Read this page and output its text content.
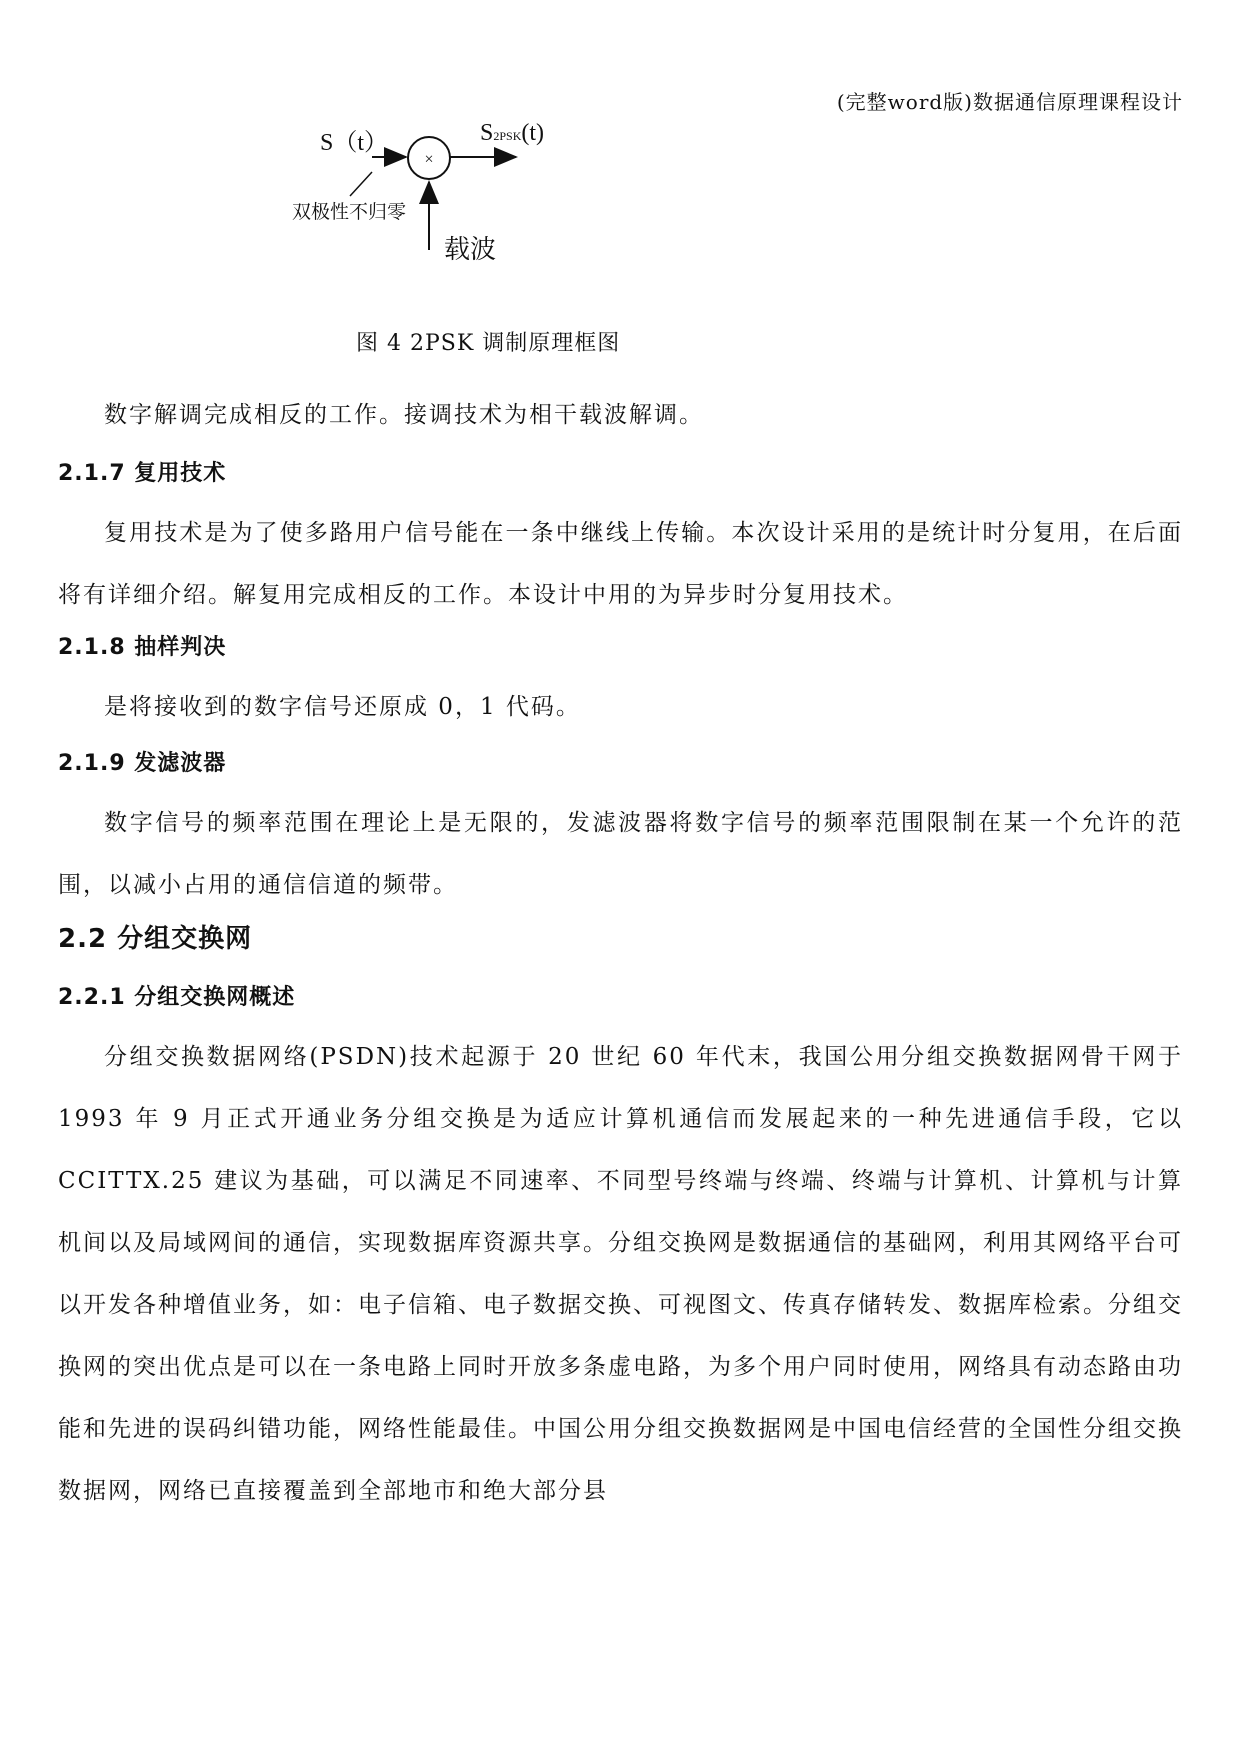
(完整word版)数据通信原理课程设计
S（t）
×
S2PSK(t)
双极性不归零
载波
图 4 2PSK 调制原理框图

数字解调完成相反的工作。接调技术为相干载波解调。

2.1.7 复用技术

复用技术是为了使多路用户信号能在一条中继线上传输。本次设计采用的是统计时分复用，在后面将有详细介绍。解复用完成相反的工作。本设计中用的为异步时分复用技术。

2.1.8 抽样判决

是将接收到的数字信号还原成 0，1 代码。

2.1.9 发滤波器

数字信号的频率范围在理论上是无限的，发滤波器将数字信号的频率范围限制在某一个允许的范围，以减小占用的通信信道的频带。

2.2 分组交换网

2.2.1 分组交换网概述

分组交换数据网络(PSDN)技术起源于 20 世纪 60 年代末，我国公用分组交换数据网骨干网于 1993 年 9 月正式开通业务分组交换是为适应计算机通信而发展起来的一种先进通信手段，它以 CCITTX.25 建议为基础，可以满足不同速率、不同型号终端与终端、终端与计算机、计算机与计算机间以及局域网间的通信，实现数据库资源共享。分组交换网是数据通信的基础网，利用其网络平台可以开发各种增值业务，如：电子信箱、电子数据交换、可视图文、传真存储转发、数据库检索。分组交换网的突出优点是可以在一条电路上同时开放多条虚电路，为多个用户同时使用，网络具有动态路由功能和先进的误码纠错功能，网络性能最佳。中国公用分组交换数据网是中国电信经营的全国性分组交换数据网，网络已直接覆盖到全部地市和绝大部分县
